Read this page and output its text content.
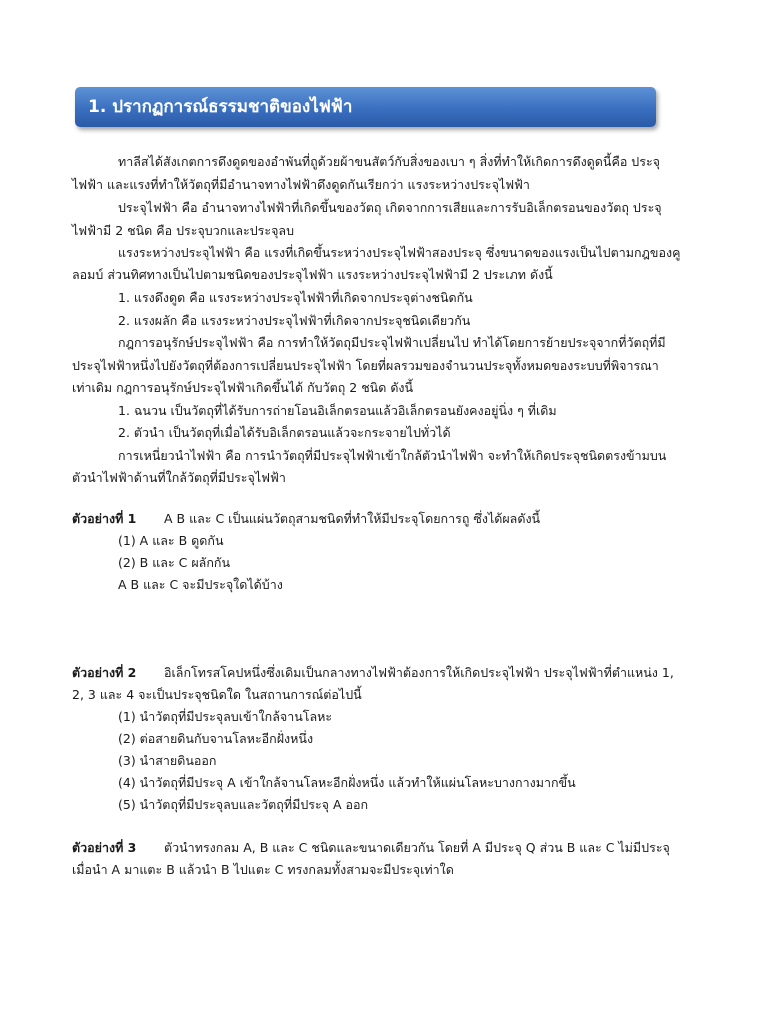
1. ปรากฏการณ์ธรรมชาติของไฟฟ้า
ทาลีสได้สังเกตการดึงดูดของอำพันที่ถูด้วยผ้าขนสัตว์กับสิ่งของเบา ๆ สิ่งที่ทำให้เกิดการดึงดูดนี้คือ ประจุ
ไฟฟ้า และแรงที่ทำให้วัตถุที่มีอำนาจทางไฟฟ้าดึงดูดกันเรียกว่า แรงระหว่างประจุไฟฟ้า
ประจุไฟฟ้า คือ อำนาจทางไฟฟ้าที่เกิดขึ้นของวัตถุ เกิดจากการเสียและการรับอิเล็กตรอนของวัตถุ ประจุ
ไฟฟ้ามี 2 ชนิด คือ ประจุบวกและประจุลบ
แรงระหว่างประจุไฟฟ้า คือ แรงที่เกิดขึ้นระหว่างประจุไฟฟ้าสองประจุ ซึ่งขนาดของแรงเป็นไปตามกฎของคู
ลอมบ์ ส่วนทิศทางเป็นไปตามชนิดของประจุไฟฟ้า แรงระหว่างประจุไฟฟ้ามี 2 ประเภท ดังนี้
1. แรงดึงดูด คือ แรงระหว่างประจุไฟฟ้าที่เกิดจากประจุต่างชนิดกัน
2. แรงผลัก คือ แรงระหว่างประจุไฟฟ้าที่เกิดจากประจุชนิดเดียวกัน
กฎการอนุรักษ์ประจุไฟฟ้า คือ การทำให้วัตถุมีประจุไฟฟ้าเปลี่ยนไป ทำได้โดยการย้ายประจุจากที่วัตถุที่มี
ประจุไฟฟ้าหนึ่งไปยังวัตถุที่ต้องการเปลี่ยนประจุไฟฟ้า โดยที่ผลรวมของจำนวนประจุทั้งหมดของระบบที่พิจารณา
เท่าเดิม กฎการอนุรักษ์ประจุไฟฟ้าเกิดขึ้นได้ กับวัตถุ 2 ชนิด ดังนี้
1. ฉนวน เป็นวัตถุที่ได้รับการถ่ายโอนอิเล็กตรอนแล้วอิเล็กตรอนยังคงอยู่นิ่ง ๆ ที่เดิม
2. ตัวนำ เป็นวัตถุที่เมื่อได้รับอิเล็กตรอนแล้วจะกระจายไปทั่วได้
การเหนี่ยวนำไฟฟ้า คือ การนำวัตถุที่มีประจุไฟฟ้าเข้าใกล้ตัวนำไฟฟ้า จะทำให้เกิดประจุชนิดตรงข้ามบน
ตัวนำไฟฟ้าด้านที่ใกล้วัตถุที่มีประจุไฟฟ้า
ตัวอย่างที่ 1 A B และ C เป็นแผ่นวัตถุสามชนิดที่ทำให้มีประจุโดยการถู ซึ่งได้ผลดังนี้
(1) A และ B ดูดกัน
(2) B และ C ผลักกัน
A B และ C จะมีประจุใดได้บ้าง
ตัวอย่างที่ 2 อิเล็กโทรสโคปหนึ่งซึ่งเดิมเป็นกลางทางไฟฟ้าต้องการให้เกิดประจุไฟฟ้า ประจุไฟฟ้าที่ตำแหน่ง 1,
2, 3 และ 4 จะเป็นประจุชนิดใด ในสถานการณ์ต่อไปนี้
(1) นำวัตถุที่มีประจุลบเข้าใกล้จานโลหะ
(2) ต่อสายดินกับจานโลหะอีกฝั่งหนึ่ง
(3) นำสายดินออก
(4) นำวัตถุที่มีประจุ A เข้าใกล้จานโลหะอีกฝั่งหนึ่ง แล้วทำให้แผ่นโลหะบางกางมากขึ้น
(5) นำวัตถุที่มีประจุลบและวัตถุที่มีประจุ A ออก
ตัวอย่างที่ 3 ตัวนำทรงกลม A, B และ C ชนิดและขนาดเดียวกัน โดยที่ A มีประจุ Q ส่วน B และ C ไม่มีประจุ
เมื่อนำ A มาแตะ B แล้วนำ B ไปแตะ C ทรงกลมทั้งสามจะมีประจุเท่าใด
